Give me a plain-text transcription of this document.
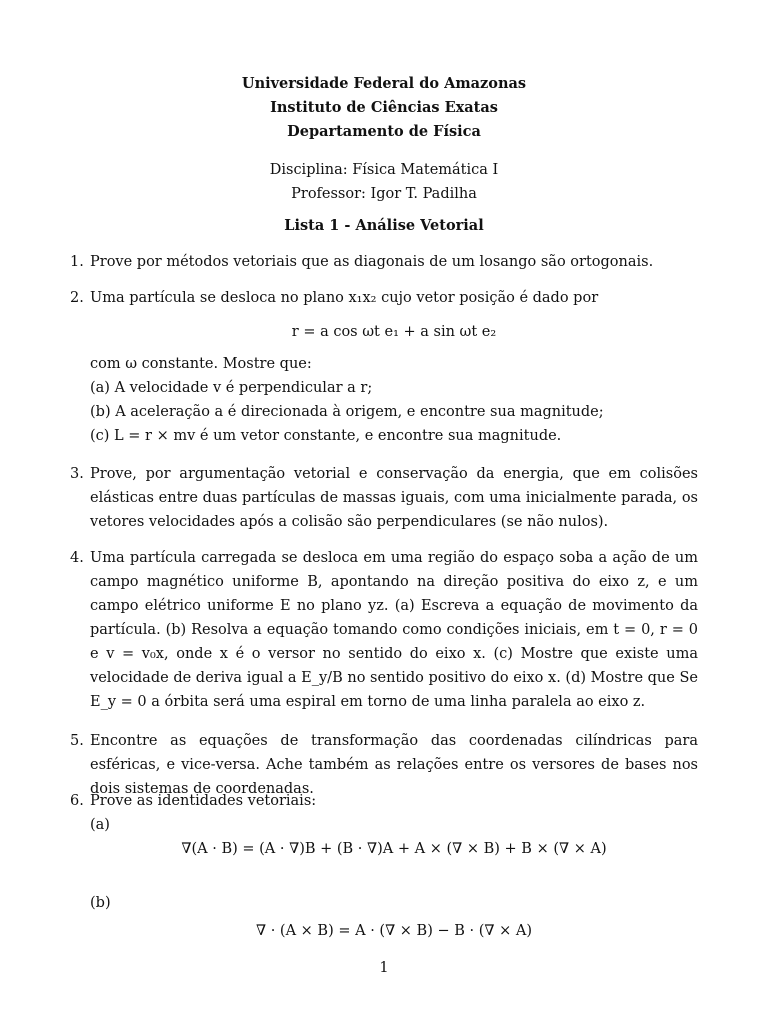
Universidade Federal do Amazonas
Instituto de Ciências Exatas
Departamento de Física
Disciplina: Física Matemática I
Professor: Igor T. Padilha
Lista 1 - Análise Vetorial
1. Prove por métodos vetoriais que as diagonais de um losango são ortogonais.
2. Uma partícula se desloca no plano x₁x₂ cujo vetor posição é dado por
r = a cos ωt e₁ + a sin ωt e₂
com ω constante. Mostre que:
(a) A velocidade v é perpendicular a r;
(b) A aceleração a é direcionada à origem, e encontre sua magnitude;
(c) L = r × mv é um vetor constante, e encontre sua magnitude.
3. Prove, por argumentação vetorial e conservação da energia, que em colisões elásticas entre duas partículas de massas iguais, com uma inicialmente parada, os vetores velocidades após a colisão são perpendiculares (se não nulos).
4. Uma partícula carregada se desloca em uma região do espaço soba a ação de um campo magnético uniforme B, apontando na direção positiva do eixo z, e um campo elétrico uniforme E no plano yz. (a) Escreva a equação de movimento da partícula. (b) Resolva a equação tomando como condições iniciais, em t = 0, r = 0 e v = v₀x, onde x é o versor no sentido do eixo x. (c) Mostre que existe uma velocidade de deriva igual a E_y/B no sentido positivo do eixo x. (d) Mostre que Se E_y = 0 a órbita será uma espiral em torno de uma linha paralela ao eixo z.
5. Encontre as equações de transformação das coordenadas cilíndricas para esféricas, e vice-versa. Ache também as relações entre os versores de bases nos dois sistemas de coordenadas.
6. Prove as identidades vetoriais:
(a)
∇(A · B) = (A · ∇)B + (B · ∇)A + A × (∇ × B) + B × (∇ × A)
(b)
∇ · (A × B) = A · (∇ × B) − B · (∇ × A)
1
